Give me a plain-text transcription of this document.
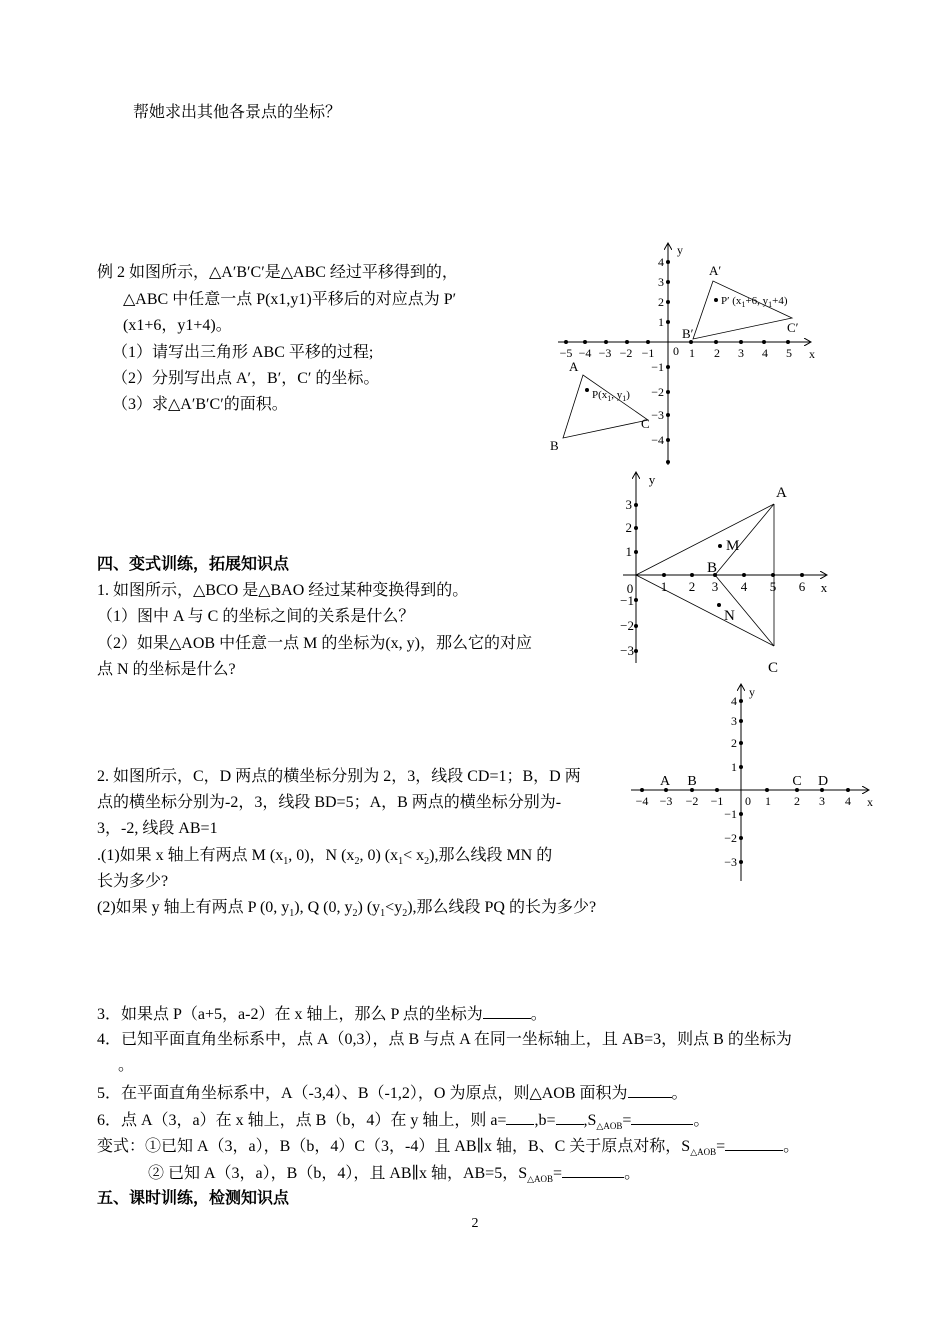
帮她求出其他各景点的坐标？
例 2 如图所示，△A′B′C′是△ABC 经过平移得到的，
△ABC 中任意一点 P(x1,y1)平移后的对应点为 P′
(x1+6，y1+4)。
（1）请写出三角形 ABC 平移的过程;
（2）分别写出点 A′，B′，C′ 的坐标。
（3）求△A′B′C′的面积。
−5 −4 −3 −2 −1	1 2 3 4 5
0	x
y
4
3
2
1
−1
−2
−3
−4
A
B
C
A′
B′	C′
$P(x_1$, $y_1$)
P′ ($x_1+6$, $y_1+4$)
四、变式训练，拓展知识点
1. 如图所示，△BCO 是△BAO 经过某种变换得到的。
（1）图中 A 与 C 的坐标之间的关系是什么？
（2）如果△AOB 中任意一点 M 的坐标为(x, y)，那么它的对应
点 N 的坐标是什么?
1 2 3 4 5 6
0	x
y
3
2
1
−1
−2
−3
A
C
B
M
N
−4 −3 −2 −1	1 2 3 4
0	x
y
4
3
2
1
−1
−2
−3
A B	C D
2. 如图所示，C，D 两点的横坐标分别为 2，3，线段 CD=1；B，D 两
点的横坐标分别为-2，3，线段 BD=5；A，B 两点的横坐标分别为-
3，-2, 线段 AB=1
.(1)如果 x 轴上有两点 M ($x_1$, 0)，N ($x_2$, 0) $(x_1< x_2)$,那么线段 MN 的
长为多少?
(2)如果 y 轴上有两点 P (0, $y_1$), Q (0, $y_2$) $(y_1<y_2)$,那么线段 PQ 的长为多少?
3．如果点 P（a+5，a-2）在 x 轴上，那么 P 点的坐标为	。
4．已知平面直角坐标系中，点 A（0,3），点 B 与点 A 在同一坐标轴上，且 AB=3，则点 B 的坐标为
。
5．在平面直角坐标系中，A（-3,4）、B（-1,2），O 为原点，则△AOB 面积为	。
6．点 A（3，a）在 x 轴上，点 B（b，4）在 y 轴上，则 $a= ,b= ,S_{\triangle AOB}=$	。
变式：①已知 A（3，a），B（b，4）C（3，-4）且 AB∥x 轴，B、C 关于原点对称，$S_{\triangle AOB}=$	。
② 已知 A（3，a），B（b，4），且 AB∥x 轴，AB=5，$S_{\triangle AOB}=$	。
五、课时训练，检测知识点
2
